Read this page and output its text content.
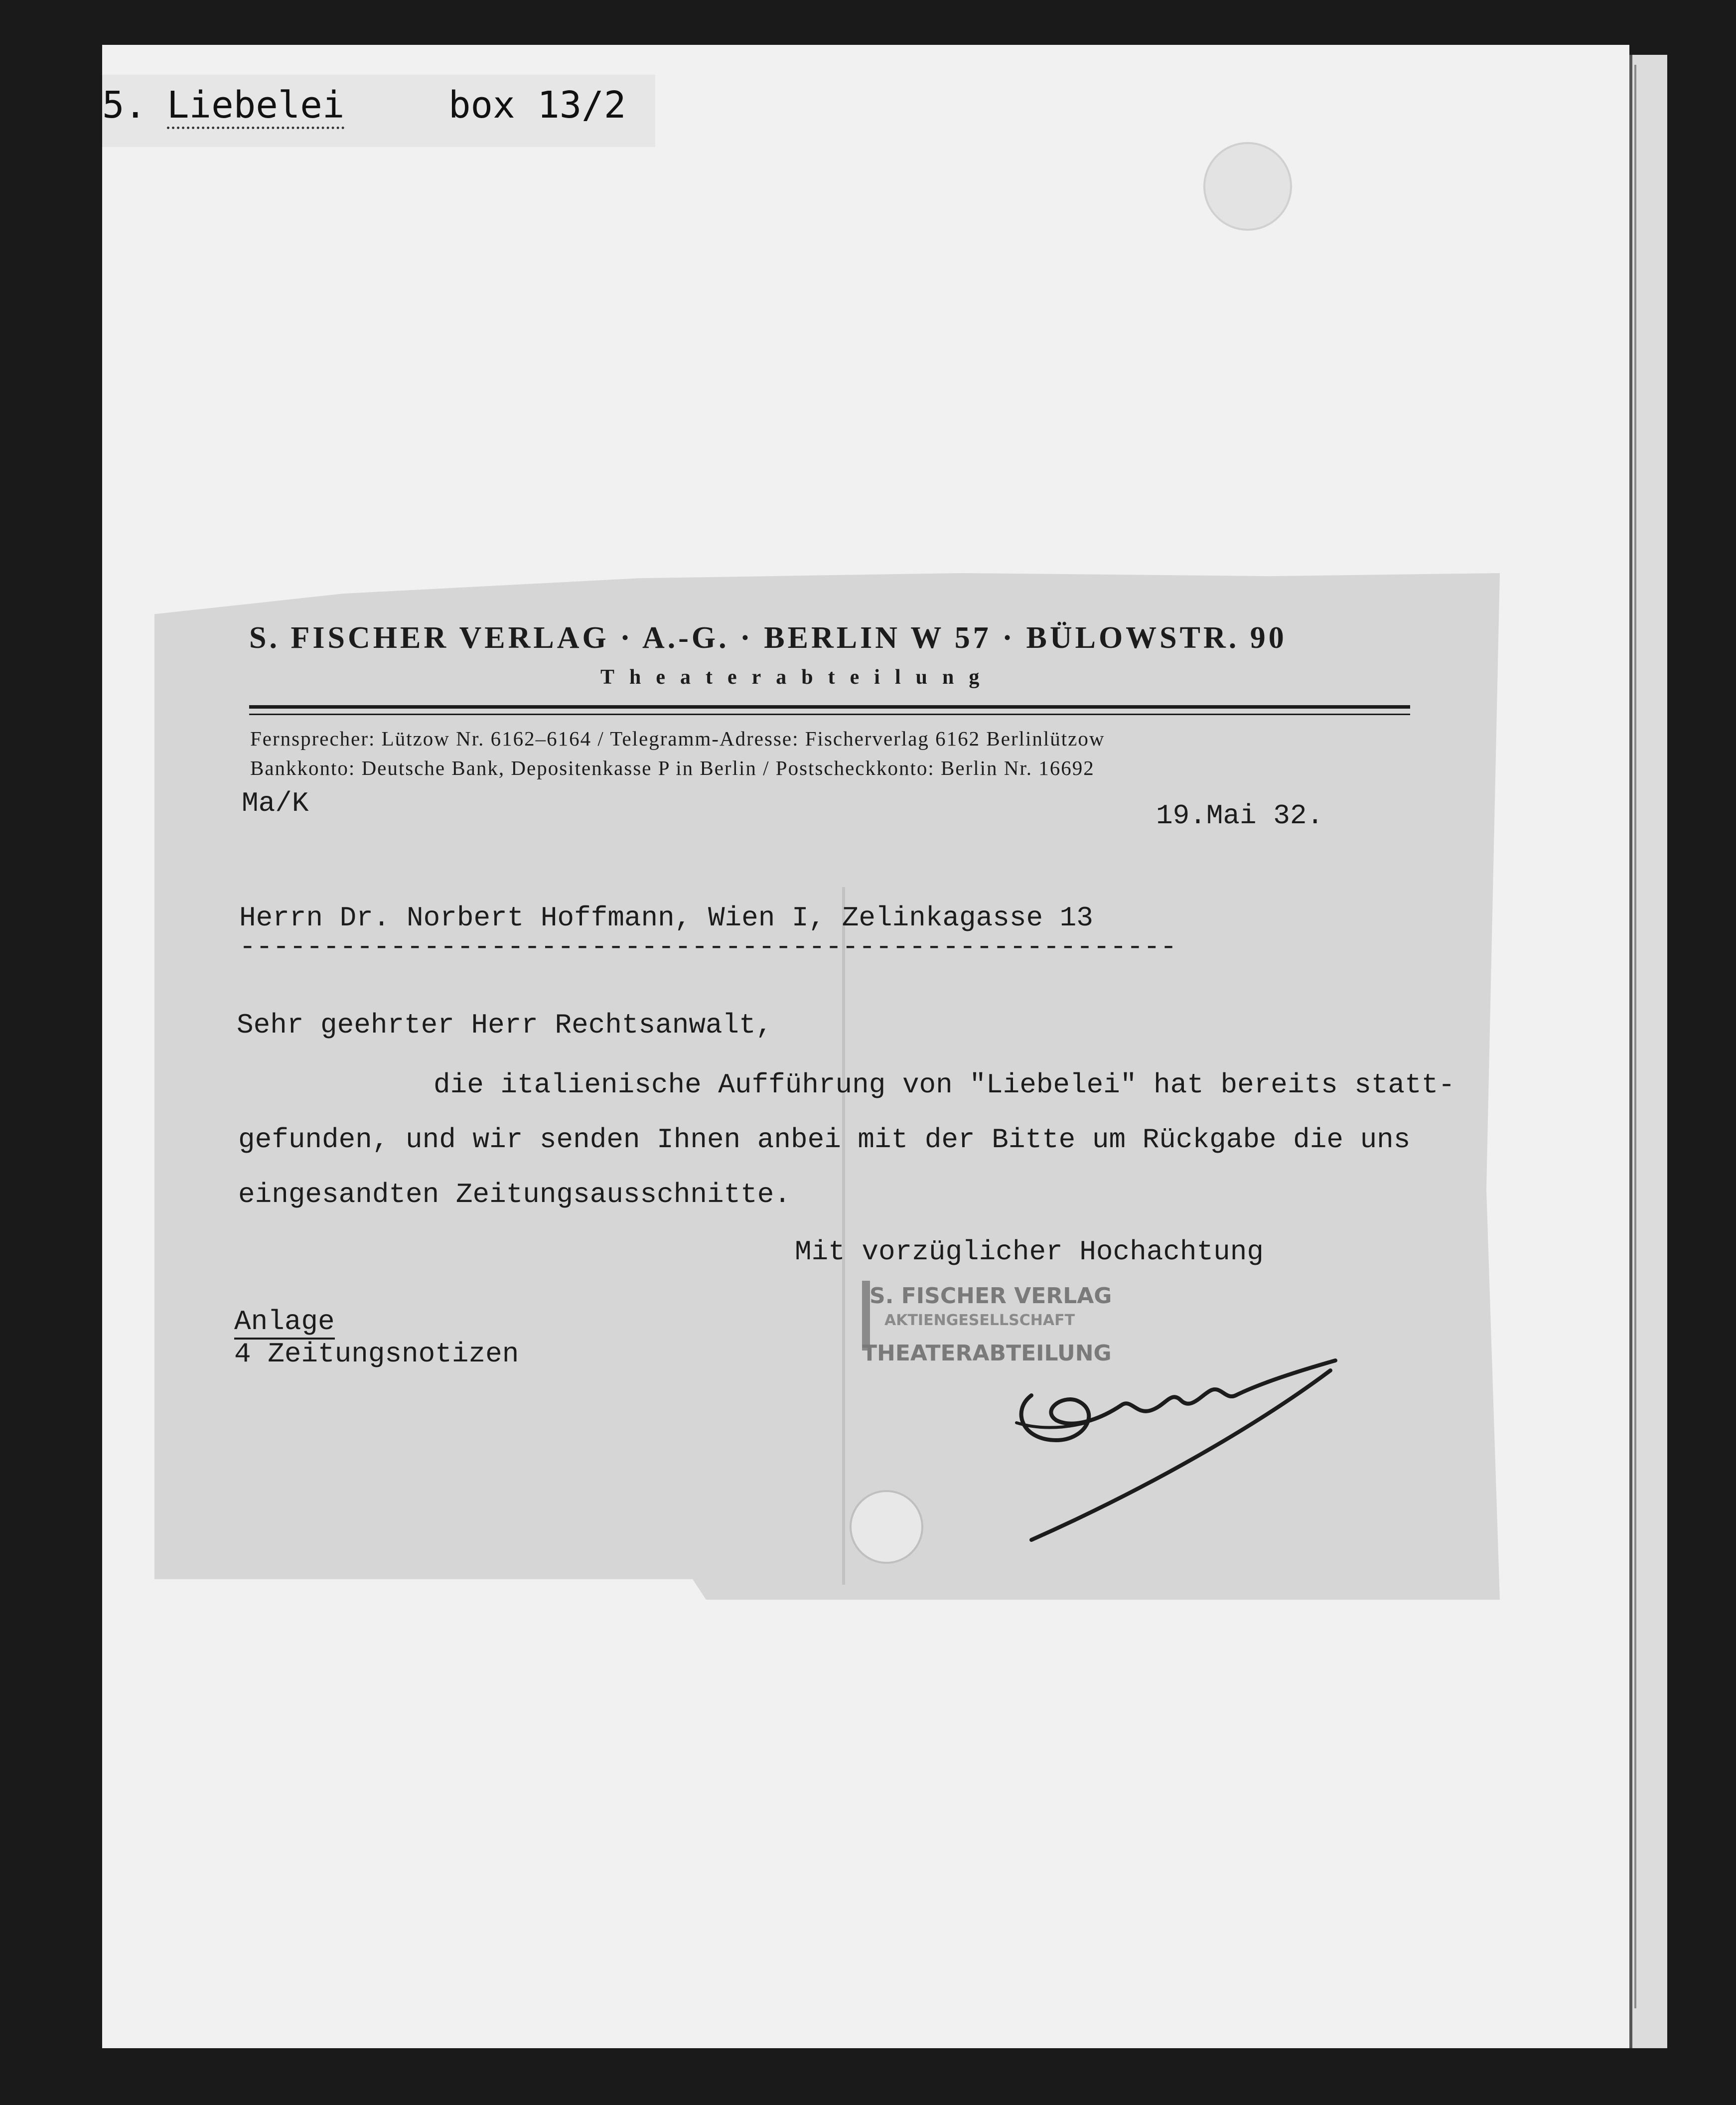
5. Liebelei	box 13/2
S. FISCHER VERLAG · A.-G. · BERLIN W 57 · BÜLOWSTR. 90
Theaterabteilung
Fernsprecher: Lützow Nr. 6162–6164 / Telegramm-Adresse: Fischerverlag 6162 Berlinlützow
Bankkonto: Deutsche Bank, Depositenkasse P in Berlin / Postscheckkonto: Berlin Nr. 16692
Ma/K	19.Mai 32.
Herrn Dr. Norbert Hoffmann, Wien I, Zelinkagasse 13
--------------------------------------------------------
Sehr geehrter Herr Rechtsanwalt,
die italienische Aufführung von "Liebelei" hat bereits statt-
gefunden, und wir senden Ihnen anbei mit der Bitte um Rückgabe die uns
eingesandten Zeitungsausschnitte.
Mit vorzüglicher Hochachtung
Anlage
4 Zeitungsnotizen
S. FISCHER VERLAG
AKTIENGESELLSCHAFT
THEATERABTEILUNG
